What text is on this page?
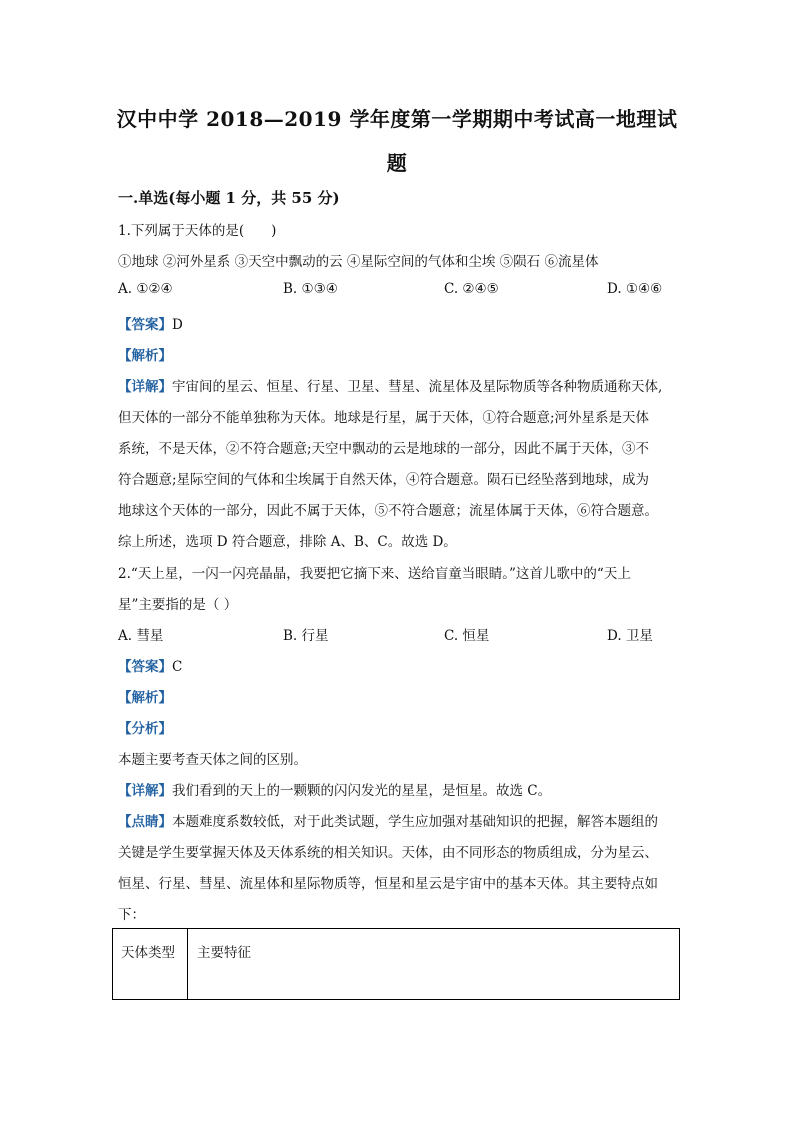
汉中中学 2018—2019 学年度第一学期期中考试高一地理试
题
一.单选(每小题 1 分，共 55 分)
1.下列属于天体的是(　　)
①地球 ②河外星系 ③天空中飘动的云 ④星际空间的气体和尘埃 ⑤陨石 ⑥流星体
A. ①②④	B. ①③④	C. ②④⑤	D. ①④⑥
【答案】D
【解析】
【详解】宇宙间的星云、恒星、行星、卫星、彗星、流星体及星际物质等各种物质通称天体,
但天体的一部分不能单独称为天体。地球是行星，属于天体，①符合题意;河外星系是天体
系统，不是天体，②不符合题意;天空中飘动的云是地球的一部分，因此不属于天体，③不
符合题意;星际空间的气体和尘埃属于自然天体，④符合题意。陨石已经坠落到地球，成为
地球这个天体的一部分，因此不属于天体，⑤不符合题意；流星体属于天体，⑥符合题意。
综上所述，选项 D 符合题意，排除 A、B、C。故选 D。
2.“天上星，一闪一闪亮晶晶，我要把它摘下来、送给盲童当眼睛。”这首儿歌中的“天上
星”主要指的是（ ）
A. 彗星	B. 行星	C. 恒星	D. 卫星
【答案】C
【解析】
【分析】
本题主要考查天体之间的区别。
【详解】我们看到的天上的一颗颗的闪闪发光的星星，是恒星。故选 C。
【点睛】本题难度系数较低，对于此类试题，学生应加强对基础知识的把握，解答本题组的
关键是学生要掌握天体及天体系统的相关知识。天体，由不同形态的物质组成，分为星云、
恒星、行星、彗星、流星体和星际物质等，恒星和星云是宇宙中的基本天体。其主要特点如
下：
天体类型 主要特征
